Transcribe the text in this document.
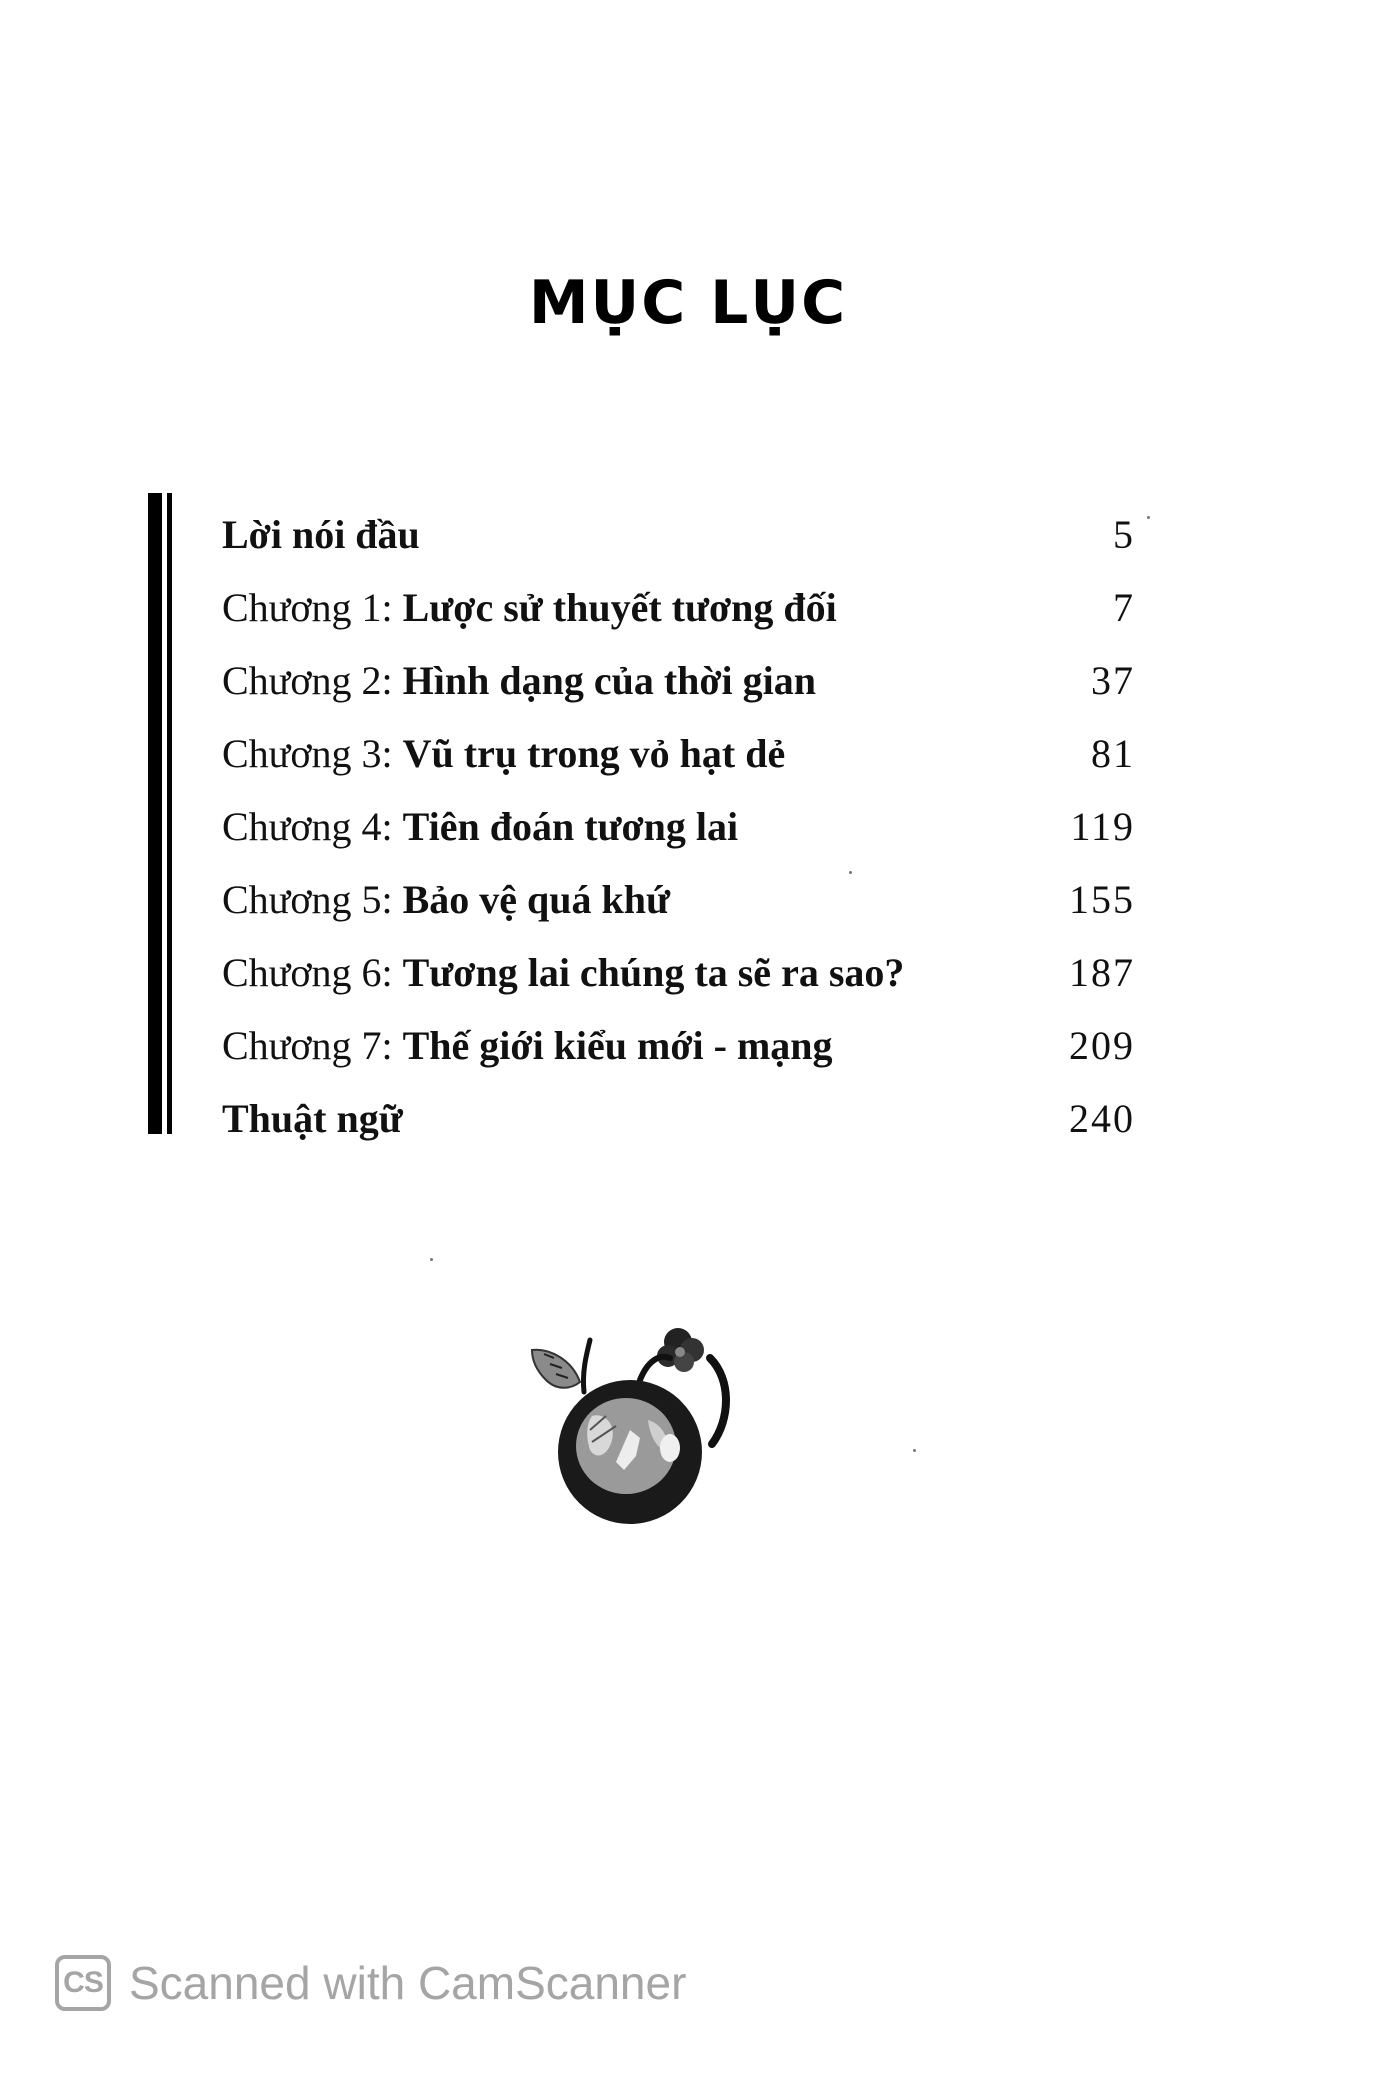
MỤC LỤC
Lời nói đầu	5
Chương 1: Lược sử thuyết tương đối	7
Chương 2: Hình dạng của thời gian	37
Chương 3: Vũ trụ trong vỏ hạt dẻ	81
Chương 4: Tiên đoán tương lai	119
Chương 5: Bảo vệ quá khứ	155
Chương 6: Tương lai chúng ta sẽ ra sao?	187
Chương 7: Thế giới kiểu mới - mạng	209
Thuật ngữ	240
CS Scanned with CamScanner
